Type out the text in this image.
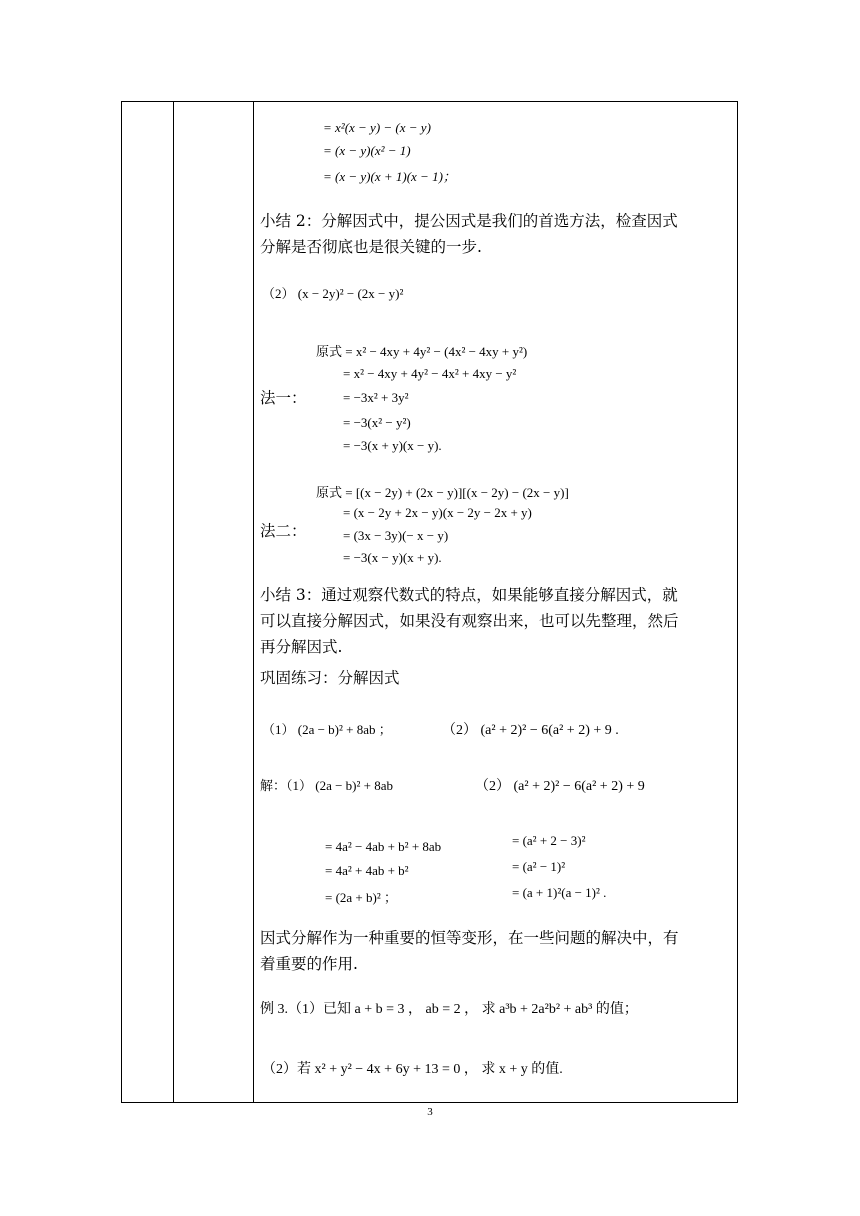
= x²(x − y) − (x − y)
= (x − y)(x² − 1)
= (x − y)(x + 1)(x − 1)；
小结 2：分解因式中，提公因式是我们的首选方法，检查因式
分解是否彻底也是很关键的一步.
（2） (x − 2y)² − (2x − y)²
原式 = x² − 4xy + 4y² − (4x² − 4xy + y²)
= x² − 4xy + 4y² − 4x² + 4xy − y²
法一：	= −3x² + 3y²
= −3(x² − y²)
= −3(x + y)(x − y).
原式 = [(x − 2y) + (2x − y)][(x − 2y) − (2x − y)]
= (x − 2y + 2x − y)(x − 2y − 2x + y)
法二：	= (3x − 3y)(− x − y)
= −3(x − y)(x + y).
小结 3：通过观察代数式的特点，如果能够直接分解因式，就
可以直接分解因式，如果没有观察出来，也可以先整理，然后
再分解因式.
巩固练习：分解因式
（1） (2a − b)² + 8ab ；	（2） (a² + 2)² − 6(a² + 2) + 9 .
解：（1） (2a − b)² + 8ab	（2） (a² + 2)² − 6(a² + 2) + 9
= 4a² − 4ab + b² + 8ab
= 4a² + 4ab + b²
= (2a + b)² ；
= (a² + 2 − 3)²
= (a² − 1)²
= (a + 1)²(a − 1)² .
因式分解作为一种重要的恒等变形，在一些问题的解决中，有
着重要的作用.
例 3.（1）已知 a + b = 3 ， ab = 2 ， 求 a³b + 2a²b² + ab³ 的值；
（2）若 x² + y² − 4x + 6y + 13 = 0 ， 求 x + y 的值.
3
